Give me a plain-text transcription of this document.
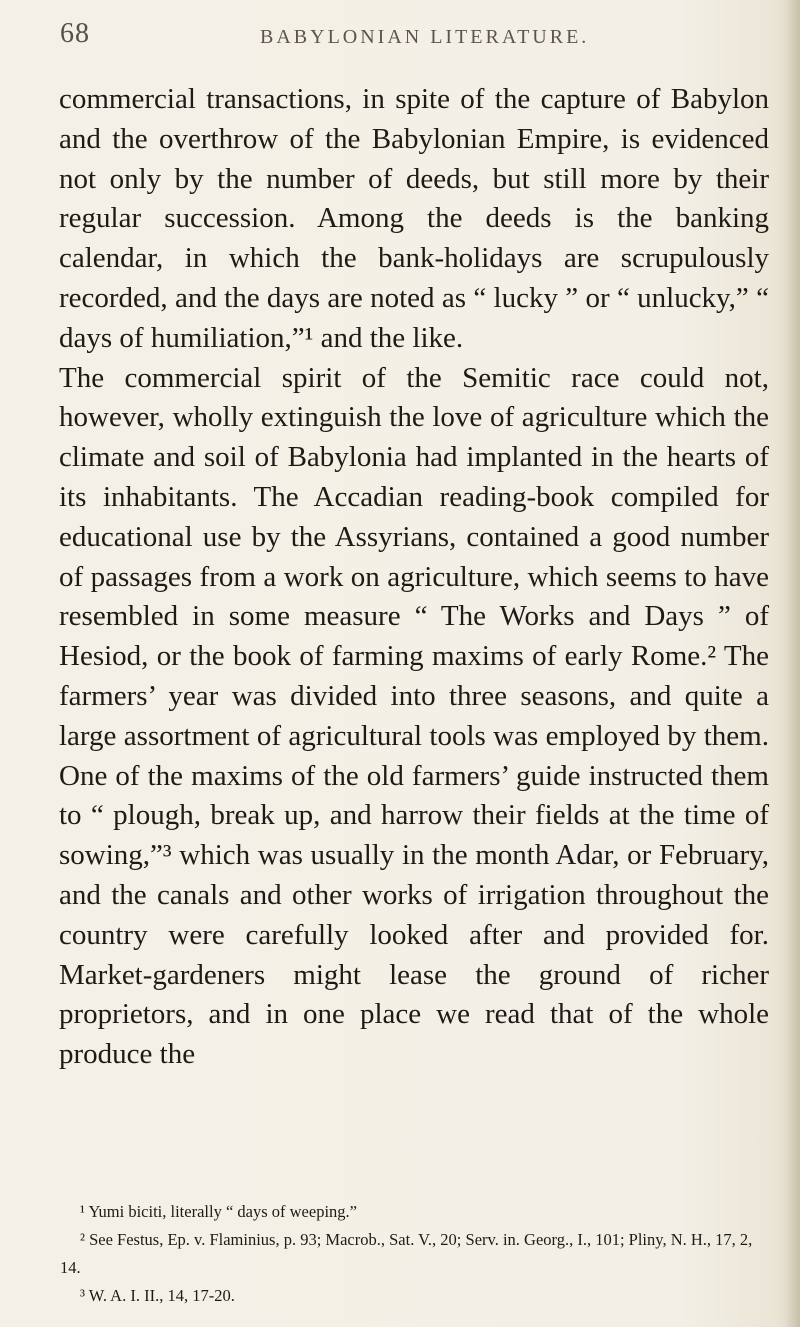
68	BABYLONIAN LITERATURE.

commercial transactions, in spite of the capture of Babylon and the overthrow of the Babylonian Empire, is evidenced not only by the number of deeds, but still more by their regular succession. Among the deeds is the banking calendar, in which the bank-holidays are scrupulously recorded, and the days are noted as “ lucky ” or “ unlucky,” “ days of humiliation,”¹ and the like.

The commercial spirit of the Semitic race could not, however, wholly extinguish the love of agriculture which the climate and soil of Babylonia had implanted in the hearts of its inhabitants. The Accadian reading-book compiled for educational use by the Assyrians, contained a good number of passages from a work on agriculture, which seems to have resembled in some measure “ The Works and Days ” of Hesiod, or the book of farming maxims of early Rome.² The farmers’ year was divided into three seasons, and quite a large assortment of agricultural tools was employed by them. One of the maxims of the old farmers’ guide instructed them to “ plough, break up, and harrow their fields at the time of sowing,”³ which was usually in the month Adar, or February, and the canals and other works of irrigation throughout the country were carefully looked after and provided for. Market-gardeners might lease the ground of richer proprietors, and in one place we read that of the whole produce the

¹ Yumi biciti, literally “ days of weeping.”

² See Festus, Ep. v. Flaminius, p. 93; Macrob., Sat. V., 20; Serv. in. Georg., I., 101; Pliny, N. H., 17, 2, 14.

³ W. A. I. II., 14, 17-20.
